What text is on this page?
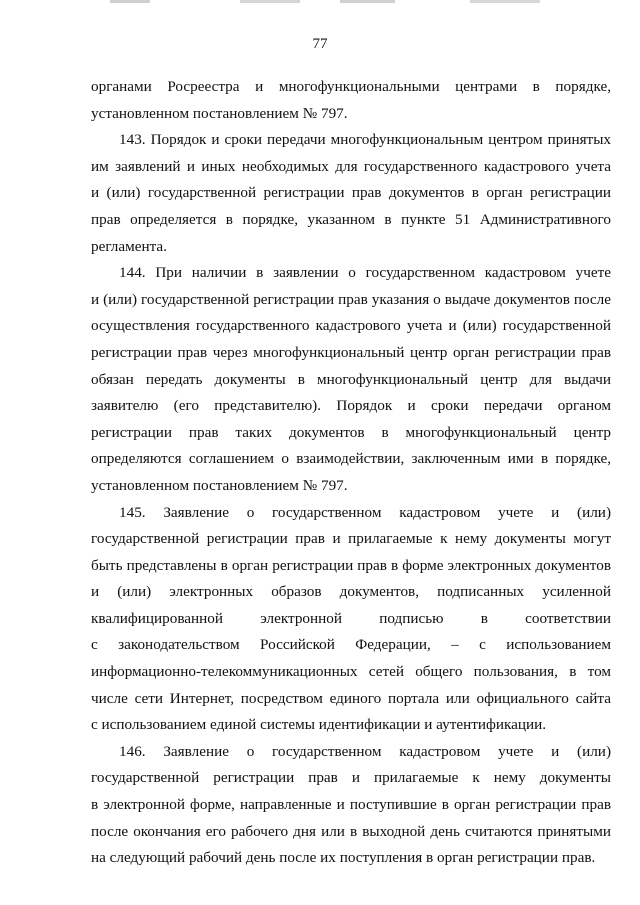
77
органами Росреестра и многофункциональными центрами в порядке,
установленном постановлением № 797.
143. Порядок и сроки передачи многофункциональным центром принятых
им заявлений и иных необходимых для государственного кадастрового учета
и (или) государственной регистрации прав документов в орган регистрации
прав определяется в порядке, указанном в пункте 51 Административного
регламента.
144. При наличии в заявлении о государственном кадастровом учете
и (или) государственной регистрации прав указания о выдаче документов после
осуществления государственного кадастрового учета и (или) государственной
регистрации прав через многофункциональный центр орган регистрации прав
обязан передать документы в многофункциональный центр для выдачи
заявителю (его представителю). Порядок и сроки передачи органом
регистрации прав таких документов в многофункциональный центр
определяются соглашением о взаимодействии, заключенным ими в порядке,
установленном постановлением № 797.
145. Заявление о государственном кадастровом учете и (или)
государственной регистрации прав и прилагаемые к нему документы могут
быть представлены в орган регистрации прав в форме электронных документов
и (или) электронных образов документов, подписанных усиленной
квалифицированной электронной подписью в соответствии
с законодательством Российской Федерации, – с использованием
информационно-телекоммуникационных сетей общего пользования, в том
числе сети Интернет, посредством единого портала или официального сайта
с использованием единой системы идентификации и аутентификации.
146. Заявление о государственном кадастровом учете и (или)
государственной регистрации прав и прилагаемые к нему документы
в электронной форме, направленные и поступившие в орган регистрации прав
после окончания его рабочего дня или в выходной день считаются принятыми
на следующий рабочий день после их поступления в орган регистрации прав.
